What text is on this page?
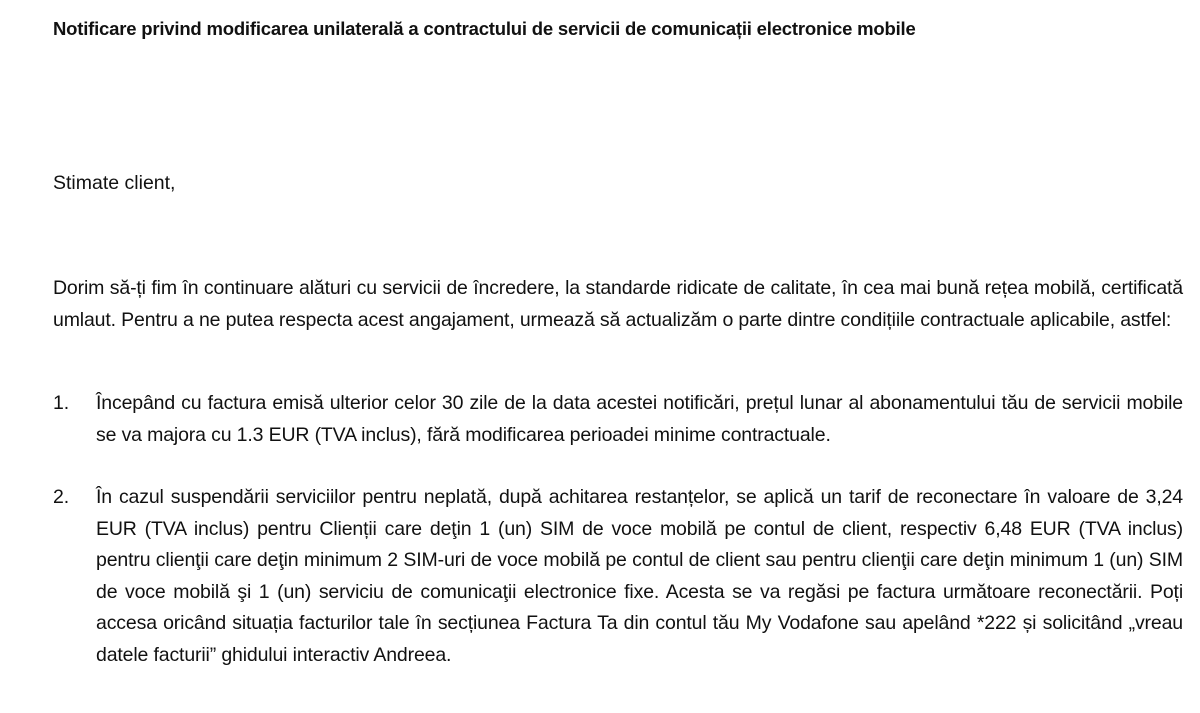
Notificare privind modificarea unilaterală a contractului de servicii de comunicații electronice mobile
Stimate client,
Dorim să-ți fim în continuare alături cu servicii de încredere, la standarde ridicate de calitate, în cea mai bună rețea mobilă, certificată umlaut. Pentru a ne putea respecta acest angajament, urmează să actualizăm o parte dintre condițiile contractuale aplicabile, astfel:
1. Începând cu factura emisă ulterior celor 30 zile de la data acestei notificări, prețul lunar al abonamentului tău de servicii mobile se va majora cu 1.3 EUR (TVA inclus), fără modificarea perioadei minime contractuale.
2. În cazul suspendării serviciilor pentru neplată, după achitarea restanțelor, se aplică un tarif de reconectare în valoare de 3,24 EUR (TVA inclus) pentru Clienții care deţin 1 (un) SIM de voce mobilă pe contul de client, respectiv 6,48 EUR (TVA inclus) pentru clienţii care deţin minimum 2 SIM-uri de voce mobilă pe contul de client sau pentru clienţii care deţin minimum 1 (un) SIM de voce mobilă şi 1 (un) serviciu de comunicaţii electronice fixe. Acesta se va regăsi pe factura următoare reconectării. Poți accesa oricând situația facturilor tale în secțiunea Factura Ta din contul tău My Vodafone sau apelând *222 și solicitând „vreau datele facturii” ghidului interactiv Andreea.
